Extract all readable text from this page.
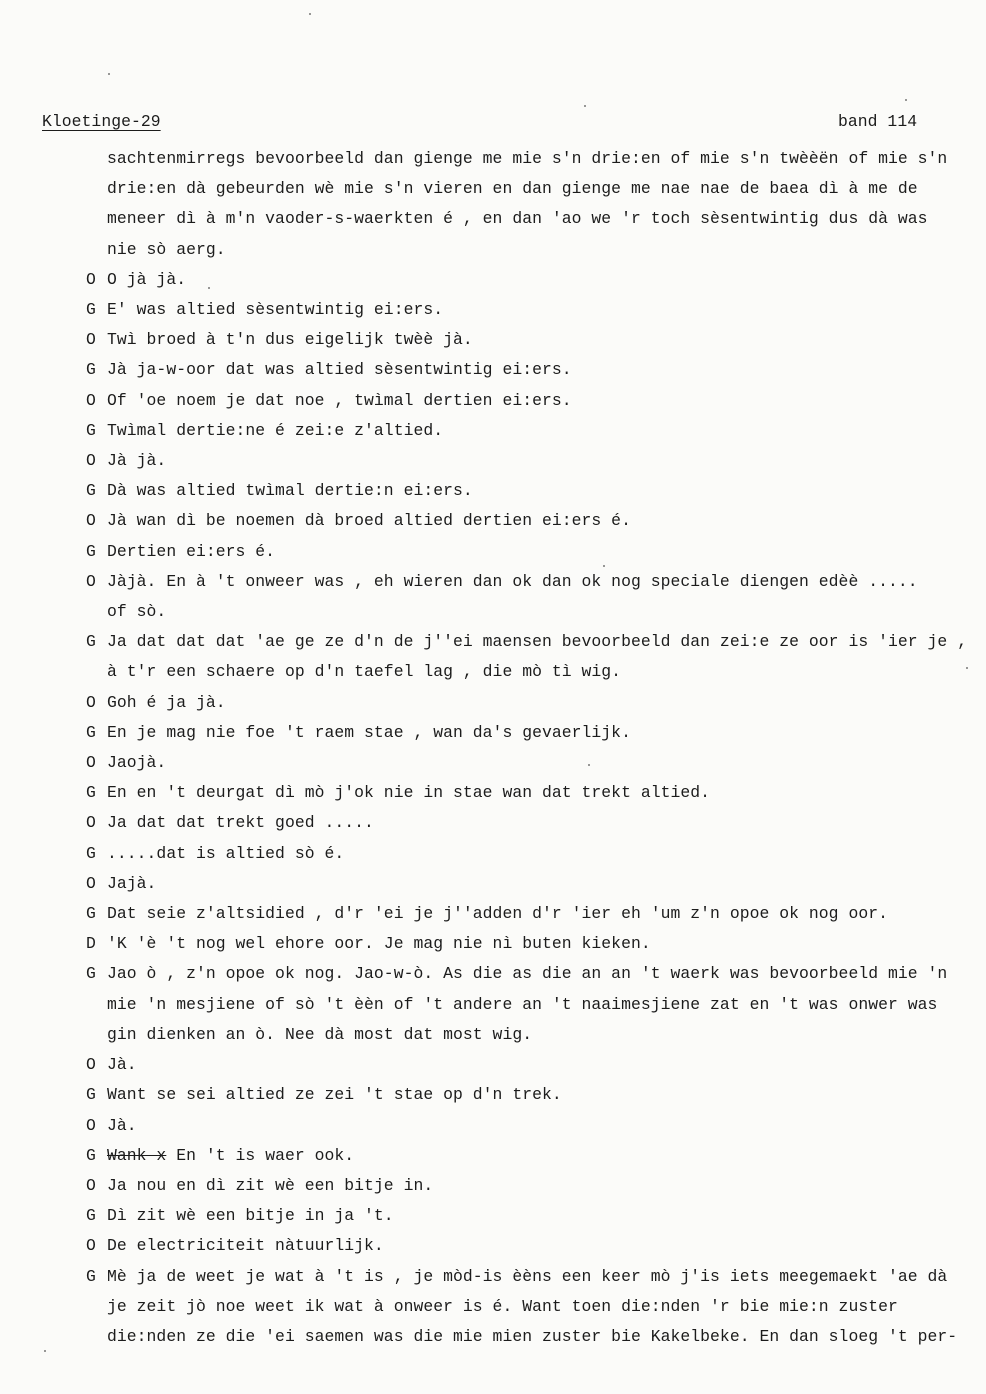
Kloetinge-29	band 114
sachtenmirregs bevoorbeeld dan gienge me mie s'n drie:en of mie s'n twèèën of mie s'n
drie:en dà gebeurden wè mie s'n vieren en dan gienge me nae nae de baea dì à me de
meneer dì à m'n vaoder-s-waerkten é , en dan 'ao we 'r toch sèsentwintig dus dà was
nie sò aerg.
O O jà jà.
G E' was altied sèsentwintig ei:ers.
O Twì broed à t'n dus eigelijk twèè jà.
G Jà ja-w-oor dat was altied sèsentwintig ei:ers.
O Of 'oe noem je dat noe , twìmal dertien ei:ers.
G Twìmal dertie:ne é zei:e z'altied.
O Jà jà.
G Dà was altied twìmal dertie:n ei:ers.
O Jà wan dì be noemen dà broed altied dertien ei:ers é.
G Dertien ei:ers é.
O Jàjà. En à 't onweer was , eh wieren dan ok dan ok nog speciale diengen edèè .....
of sò.
G Ja dat dat dat 'ae ge ze d'n de j''ei maensen bevoorbeeld dan zei:e ze oor is 'ier je ,
à t'r een schaere op d'n taefel lag , die mò tì wig.
O Goh é ja jà.
G En je mag nie foe 't raem stae , wan da's gevaerlijk.
O Jaojà.
G En en 't deurgat dì mò j'ok nie in stae wan dat trekt altied.
O Ja dat dat trekt goed .....
G .....dat is altied sò é.
O Jajà.
G Dat seie z'altsidied , d'r 'ei je j''adden d'r 'ier eh 'um z'n opoe ok nog oor.
D 'K 'è 't nog wel ehore oor. Je mag nie nì buten kieken.
G Jao ò , z'n opoe ok nog. Jao-w-ò. As die as die an an 't waerk was bevoorbeeld mie 'n
mie 'n mesjiene of sò 't èèn of 't andere an 't naaimesjiene zat en 't was onwer was
gin dienken an ò. Nee dà most dat most wig.
O Jà.
G Want se sei altied ze zei 't stae op d'n trek.
O Jà.
G Wank x En 't is waer ook.
O Ja nou en dì zit wè een bitje in.
G Dì zit wè een bitje in ja 't.
O De electriciteit nàtuurlijk.
G Mè ja de weet je wat à 't is , je mòd-is èèns een keer mò j'is iets meegemaekt 'ae dà
je zeit jò noe weet ik wat à onweer is é. Want toen die:nden 'r bie mie:n zuster
die:nden ze die 'ei saemen was die mie mien zuster bie Kakelbeke. En dan sloeg 't per-
